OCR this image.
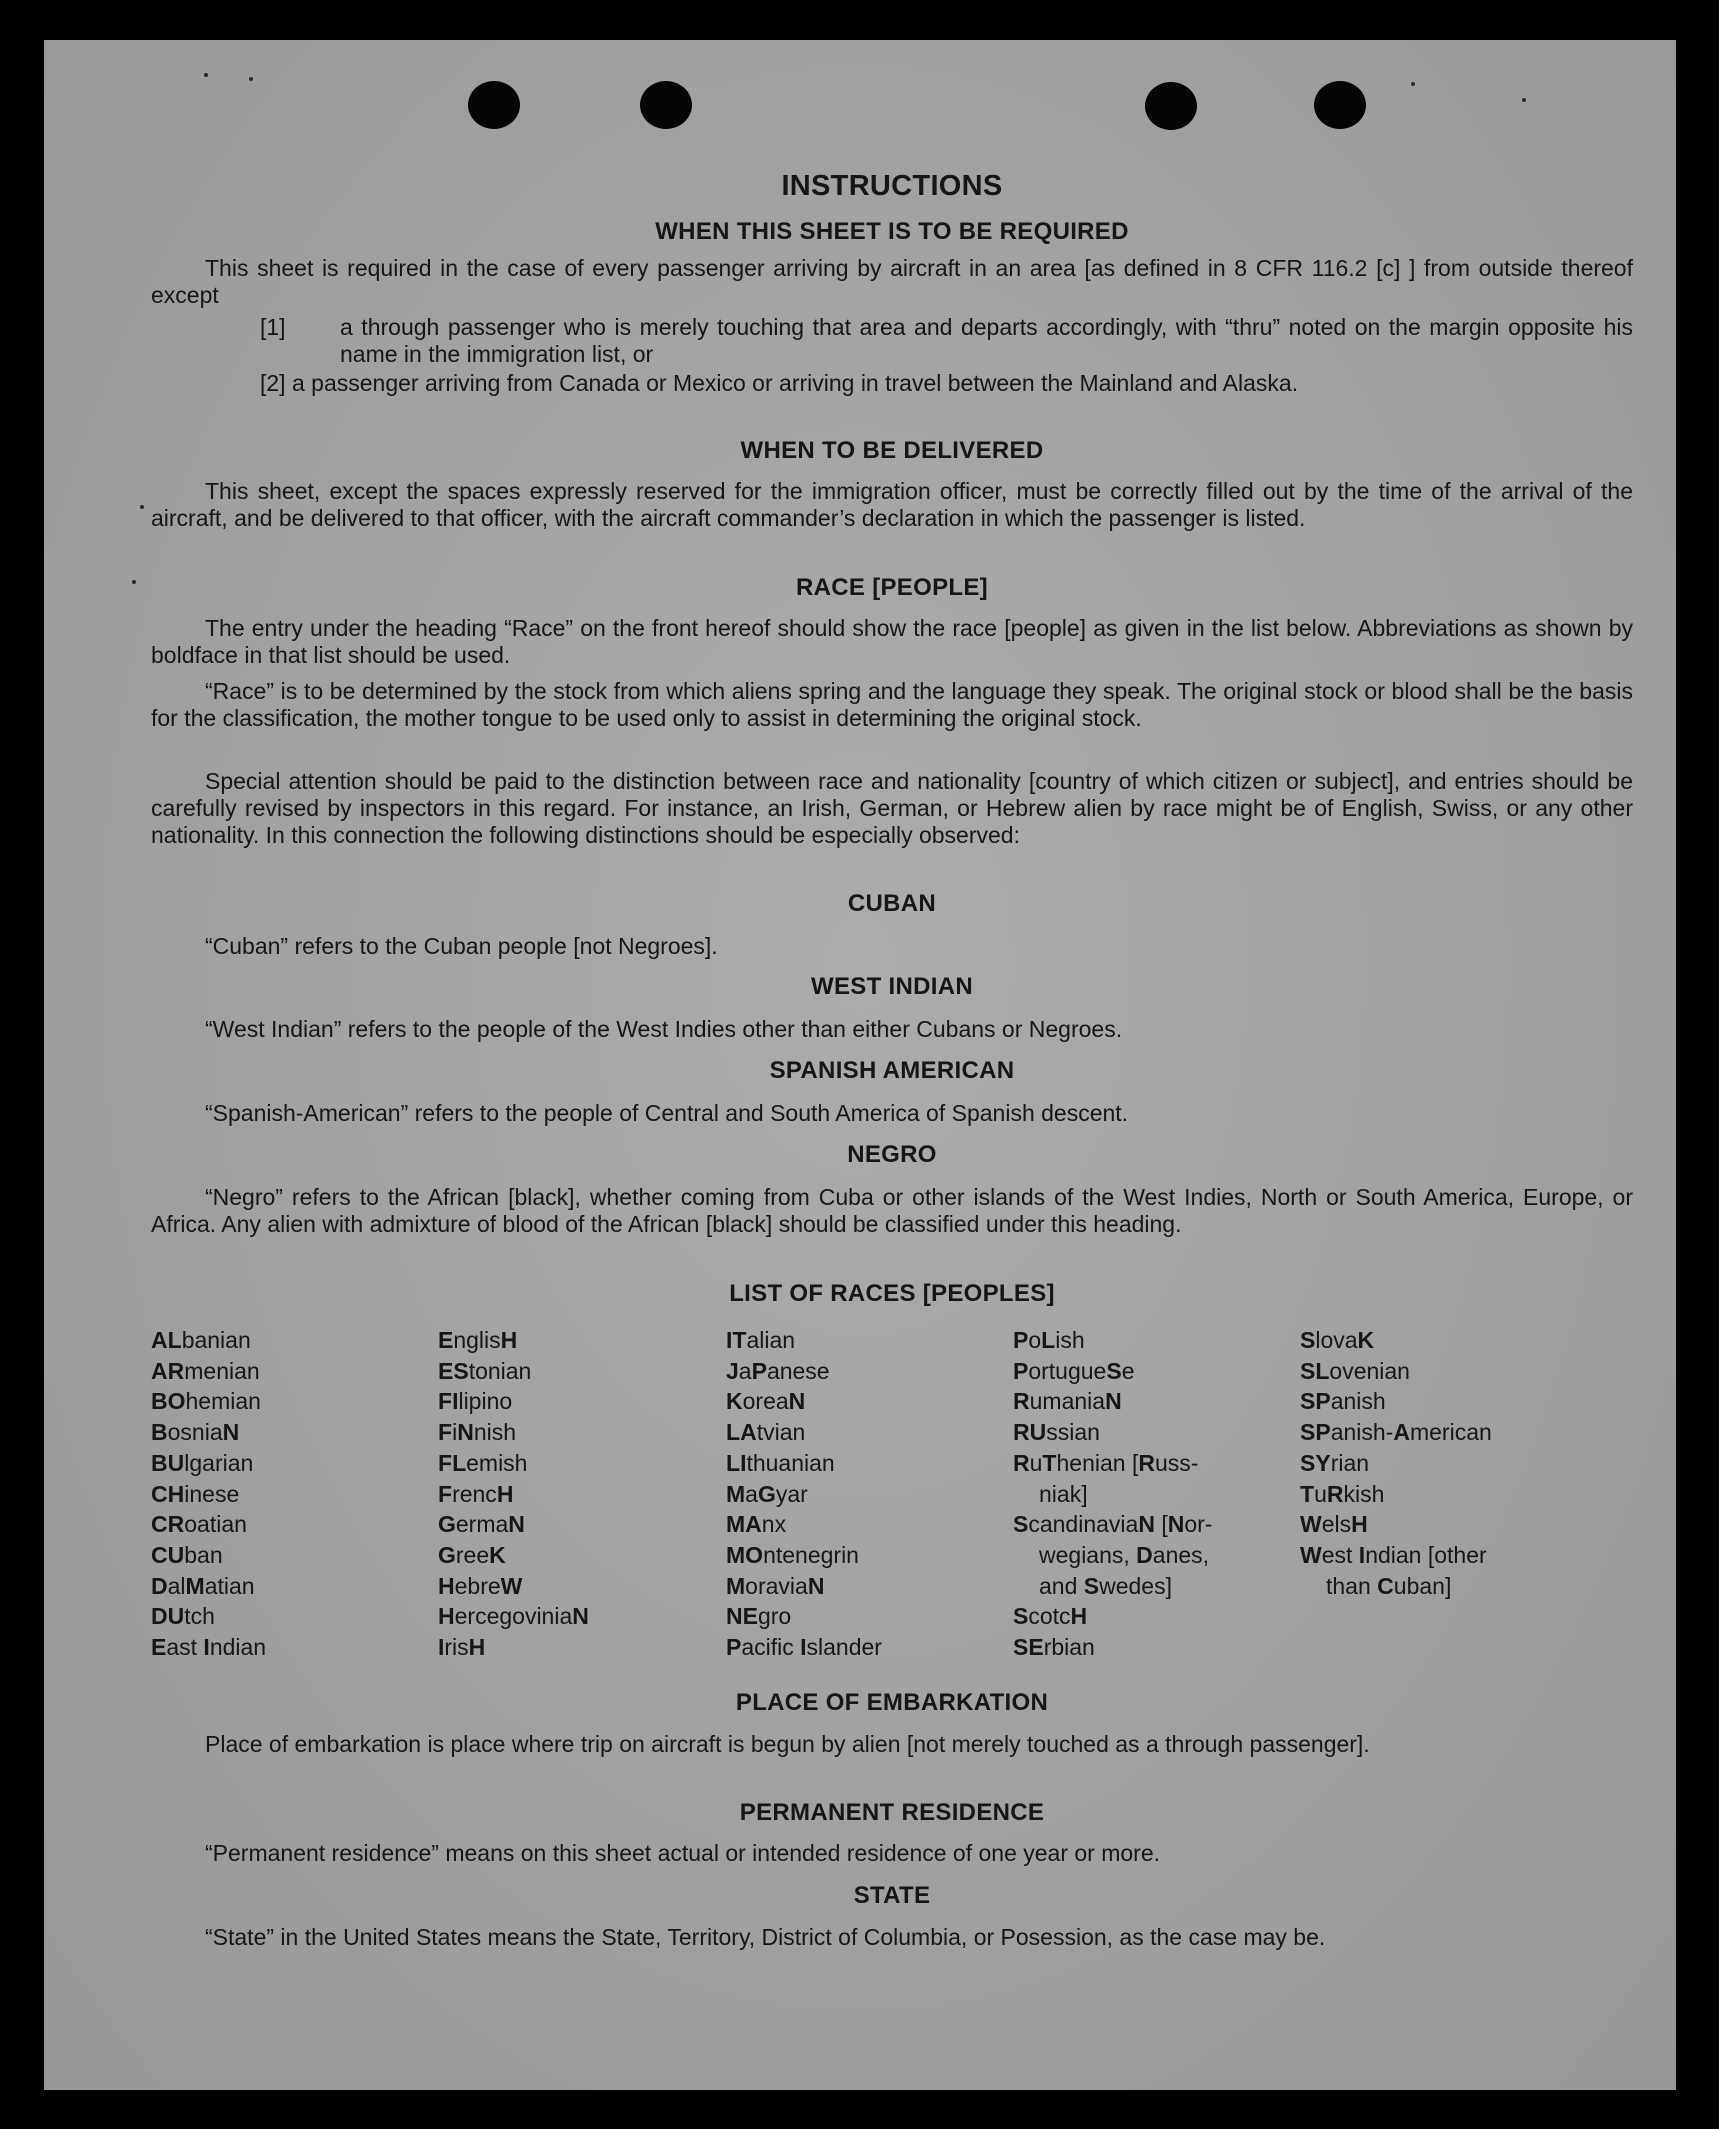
INSTRUCTIONS
WHEN THIS SHEET IS TO BE REQUIRED
This sheet is required in the case of every passenger arriving by aircraft in an area [as defined in 8 CFR 116.2 [c] ] from outside thereof except
[1] a through passenger who is merely touching that area and departs accordingly, with “thru” noted on the margin opposite his name in the immigration list, or
[2] a passenger arriving from Canada or Mexico or arriving in travel between the Mainland and Alaska.
WHEN TO BE DELIVERED
This sheet, except the spaces expressly reserved for the immigration officer, must be correctly filled out by the time of the arrival of the aircraft, and be delivered to that officer, with the aircraft commander’s declaration in which the passenger is listed.
RACE [PEOPLE]
The entry under the heading “Race” on the front hereof should show the race [people] as given in the list below. Abbreviations as shown by boldface in that list should be used.
“Race” is to be determined by the stock from which aliens spring and the language they speak. The original stock or blood shall be the basis for the classification, the mother tongue to be used only to assist in determining the original stock.
Special attention should be paid to the distinction between race and nationality [country of which citizen or subject], and entries should be carefully revised by inspectors in this regard. For instance, an Irish, German, or Hebrew alien by race might be of English, Swiss, or any other nationality. In this connection the following distinctions should be especially observed:
CUBAN
“Cuban” refers to the Cuban people [not Negroes].
WEST INDIAN
“West Indian” refers to the people of the West Indies other than either Cubans or Negroes.
SPANISH AMERICAN
“Spanish-American” refers to the people of Central and South America of Spanish descent.
NEGRO
“Negro” refers to the African [black], whether coming from Cuba or other islands of the West Indies, North or South America, Europe, or Africa. Any alien with admixture of blood of the African [black] should be classified under this heading.
LIST OF RACES [PEOPLES]
ALbanian
ARmenian
BOhemian
BosniaN
BUlgarian
CHinese
CRoatian
CUban
DalMatian
DUtch
East Indian
EnglisH
EStonian
FIlipino
FiNnish
FLemish
FrencH
GermaN
GreeK
HebreW
HercegoviniaN
IrisH
ITalian
JaPanese
KoreaN
LAtvian
LIthuanian
MaGyar
MAnx
MOntenegrin
MoraviaN
NEgro
Pacific Islander
PoLish
PortugueSe
RumaniaN
RUssian
RuThenian [Russ-
niak]
ScandinaviaN [Nor-
wegians, Danes,
and Swedes]
ScotcH
SErbian
SlovaK
SLovenian
SPanish
SPanish-American
SYrian
TuRkish
WelsH
West Indian [other
than Cuban]
PLACE OF EMBARKATION
Place of embarkation is place where trip on aircraft is begun by alien [not merely touched as a through passenger].
PERMANENT RESIDENCE
“Permanent residence” means on this sheet actual or intended residence of one year or more.
STATE
“State” in the United States means the State, Territory, District of Columbia, or Posession, as the case may be.
